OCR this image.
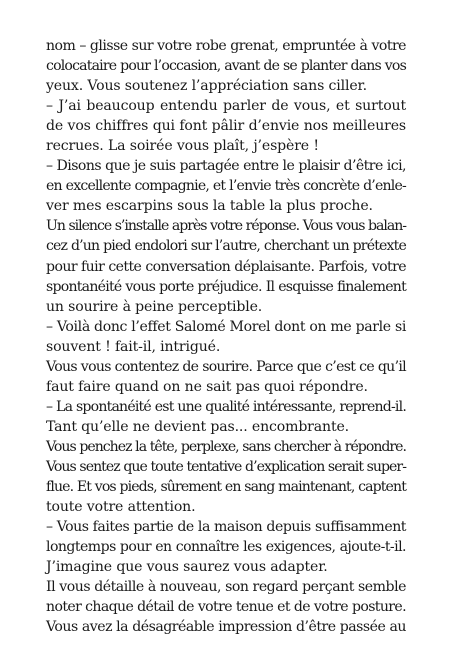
nom – glisse sur votre robe grenat, empruntée à votre
colocataire pour l’occasion, avant de se planter dans vos
yeux. Vous soutenez l’appréciation sans ciller.
– J’ai beaucoup entendu parler de vous, et surtout
de vos chiffres qui font pâlir d’envie nos meilleures
recrues. La soirée vous plaît, j’espère !
– Disons que je suis partagée entre le plaisir d’être ici,
en excellente compagnie, et l’envie très concrète d’enle-
ver mes escarpins sous la table la plus proche.
Un silence s’installe après votre réponse. Vous vous balan-
cez d’un pied endolori sur l’autre, cherchant un prétexte
pour fuir cette conversation déplaisante. Parfois, votre
spontanéité vous porte préjudice. Il esquisse finalement
un sourire à peine perceptible.
– Voilà donc l’effet Salomé Morel dont on me parle si
souvent ! fait-il, intrigué.
Vous vous contentez de sourire. Parce que c’est ce qu’il
faut faire quand on ne sait pas quoi répondre.
– La spontanéité est une qualité intéressante, reprend-il.
Tant qu’elle ne devient pas... encombrante.
Vous penchez la tête, perplexe, sans chercher à répondre.
Vous sentez que toute tentative d’explication serait super-
flue. Et vos pieds, sûrement en sang maintenant, captent
toute votre attention.
– Vous faites partie de la maison depuis suffisamment
longtemps pour en connaître les exigences, ajoute-t-il.
J’imagine que vous saurez vous adapter.
Il vous détaille à nouveau, son regard perçant semble
noter chaque détail de votre tenue et de votre posture.
Vous avez la désagréable impression d’être passée au
